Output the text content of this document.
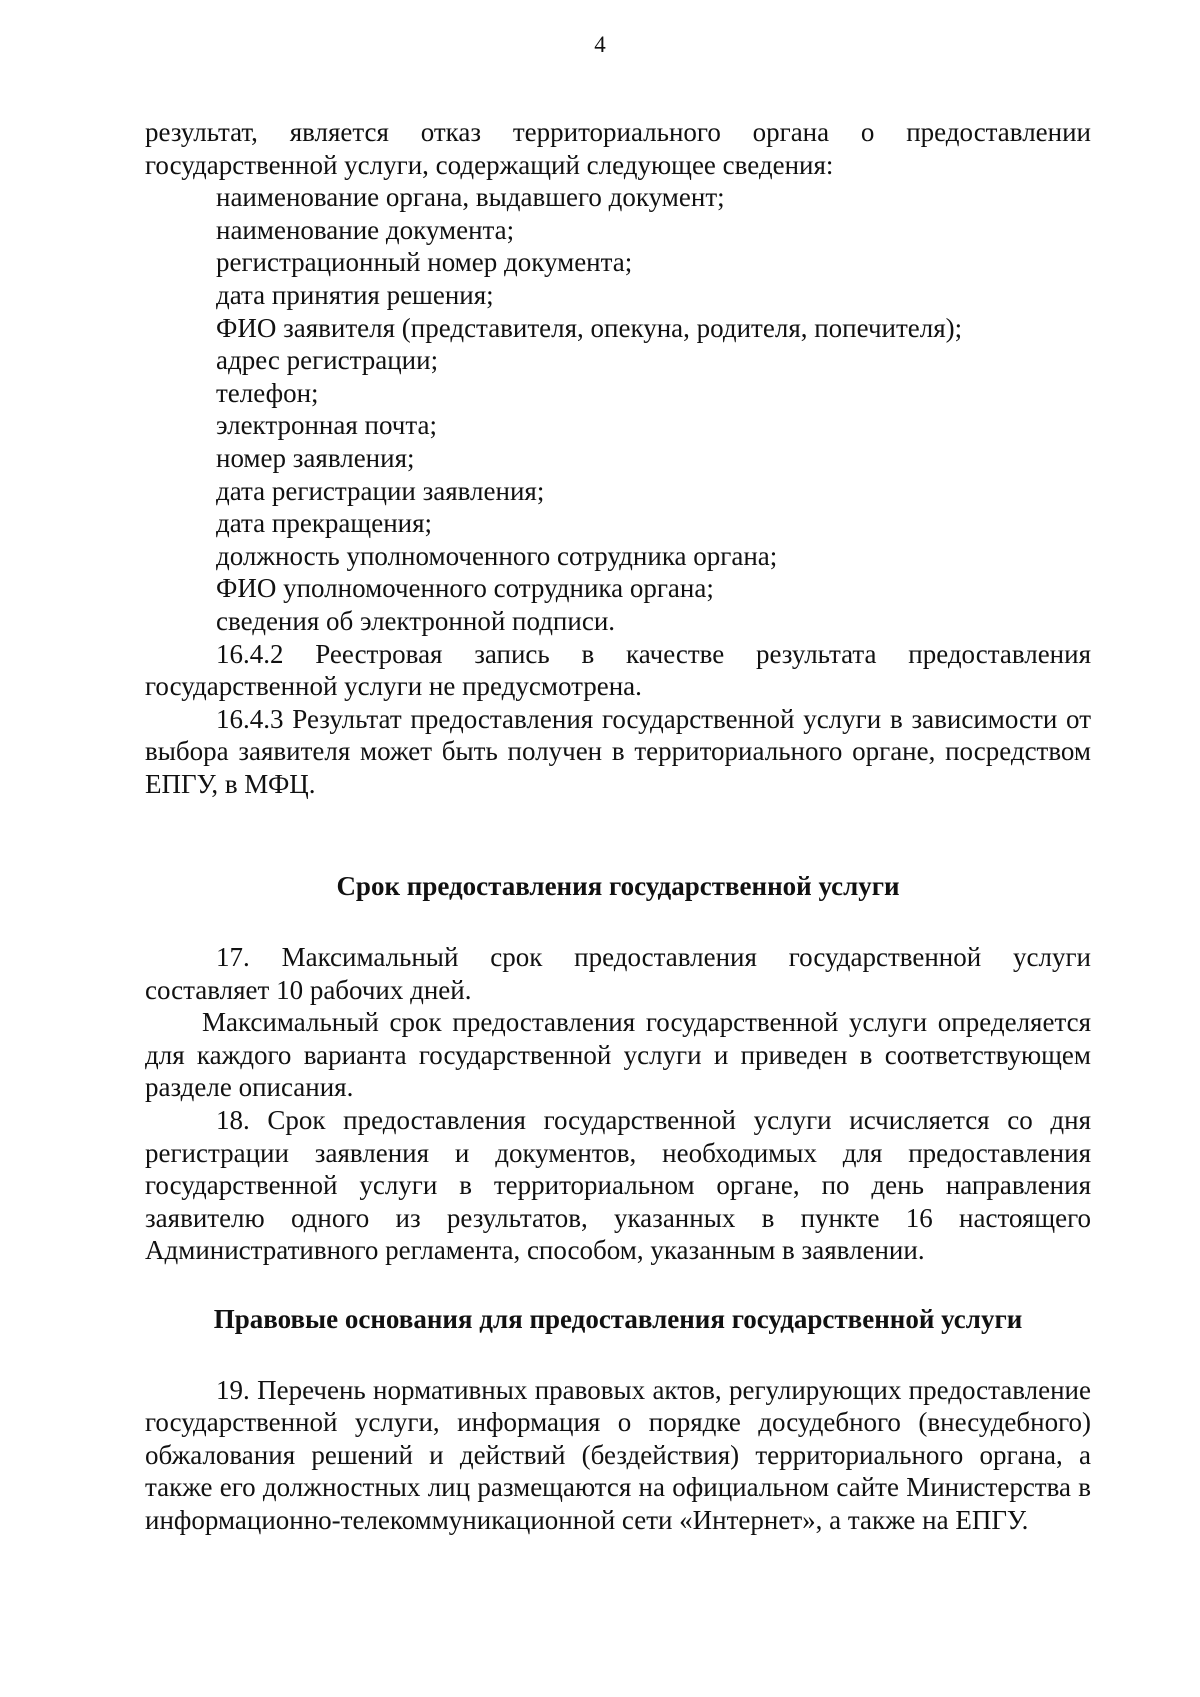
4

результат, является отказ территориального органа о предоставлении государственной услуги, содержащий следующее сведения:

наименование органа, выдавшего документ;

наименование документа;

регистрационный номер документа;

дата принятия решения;

ФИО заявителя (представителя, опекуна, родителя, попечителя);

адрес регистрации;

телефон;

электронная почта;

номер заявления;

дата регистрации заявления;

дата прекращения;

должность уполномоченного сотрудника органа;

ФИО уполномоченного сотрудника органа;

сведения об электронной подписи.

16.4.2 Реестровая запись в качестве результата предоставления государственной услуги не предусмотрена.

16.4.3 Результат предоставления государственной услуги в зависимости от выбора заявителя может быть получен в территориального органе, посредством ЕПГУ, в МФЦ.

Срок предоставления государственной услуги

17. Максимальный срок предоставления государственной услуги составляет 10 рабочих дней.

Максимальный срок предоставления государственной услуги определяется для каждого варианта государственной услуги и приведен в соответствующем разделе описания.

18. Срок предоставления государственной услуги исчисляется со дня регистрации заявления и документов, необходимых для предоставления государственной услуги в территориальном органе, по день направления заявителю одного из результатов, указанных в пункте 16 настоящего Административного регламента, способом, указанным в заявлении.

Правовые основания для предоставления государственной услуги

19. Перечень нормативных правовых актов, регулирующих предоставление государственной услуги, информация о порядке досудебного (внесудебного) обжалования решений и действий (бездействия) территориального органа, а также его должностных лиц размещаются на официальном сайте Министерства в информационно-телекоммуникационной сети «Интернет», а также на ЕПГУ.
